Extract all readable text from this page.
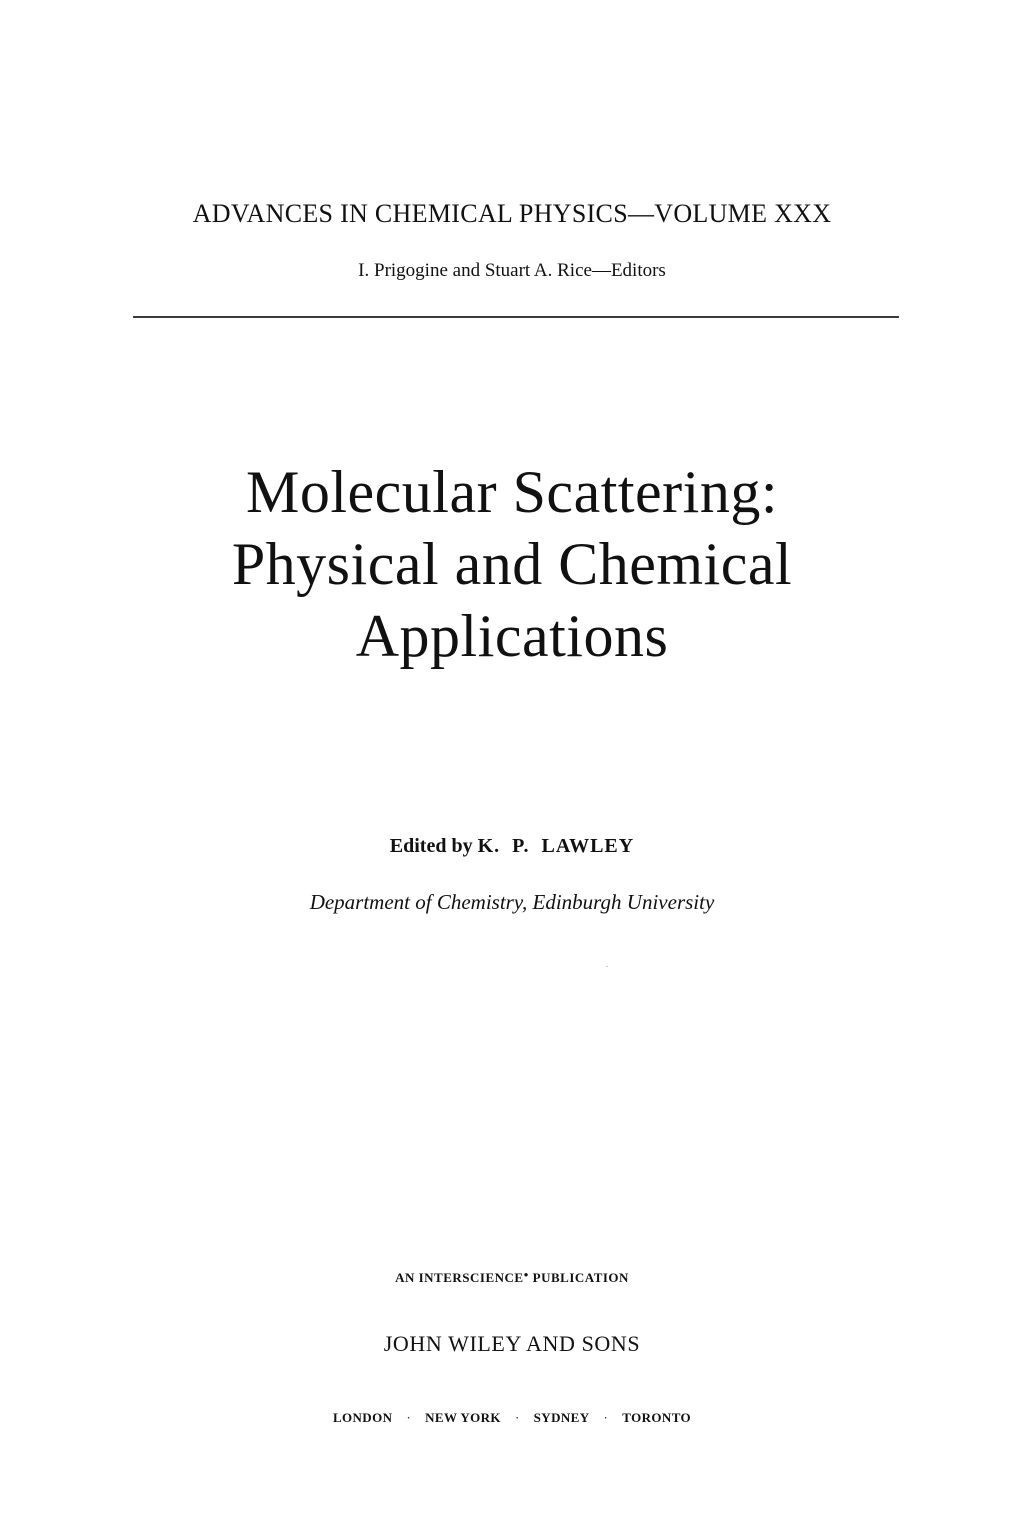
ADVANCES IN CHEMICAL PHYSICS—VOLUME XXX
I. Prigogine and Stuart A. Rice—Editors
Molecular Scattering:
Physical and Chemical
Applications
Edited by K.  P.  LAWLEY
Department of Chemistry, Edinburgh University
AN INTERSCIENCE● PUBLICATION
JOHN WILEY AND SONS
LONDON · NEW YORK · SYDNEY · TORONTO
